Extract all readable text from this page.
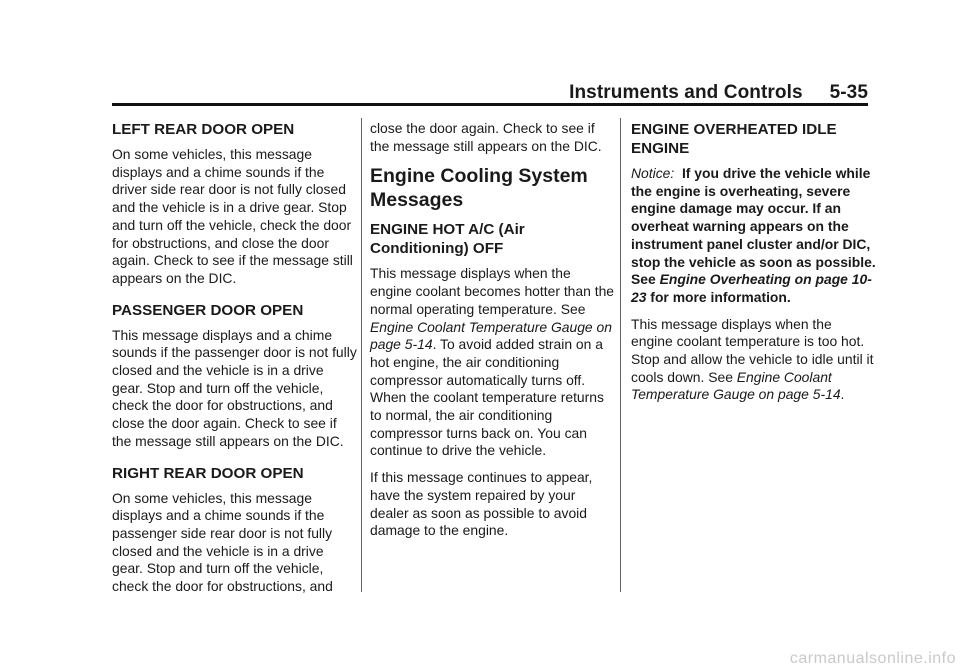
Instruments and Controls     5-35
LEFT REAR DOOR OPEN

On some vehicles, this message displays and a chime sounds if the driver side rear door is not fully closed and the vehicle is in a drive gear. Stop and turn off the vehicle, check the door for obstructions, and close the door again. Check to see if the message still appears on the DIC.

PASSENGER DOOR OPEN

This message displays and a chime sounds if the passenger door is not fully closed and the vehicle is in a drive gear. Stop and turn off the vehicle, check the door for obstructions, and close the door again. Check to see if the message still appears on the DIC.

RIGHT REAR DOOR OPEN

On some vehicles, this message displays and a chime sounds if the passenger side rear door is not fully closed and the vehicle is in a drive gear. Stop and turn off the vehicle, check the door for obstructions, and

close the door again. Check to see if the message still appears on the DIC.

Engine Cooling System Messages
ENGINE HOT A/C (Air Conditioning) OFF

This message displays when the engine coolant becomes hotter than the normal operating temperature. See Engine Coolant Temperature Gauge on page 5-14. To avoid added strain on a hot engine, the air conditioning compressor automatically turns off. When the coolant temperature returns to normal, the air conditioning compressor turns back on. You can continue to drive the vehicle.

If this message continues to appear, have the system repaired by your dealer as soon as possible to avoid damage to the engine.

ENGINE OVERHEATED IDLE ENGINE

Notice:  If you drive the vehicle while the engine is overheating, severe engine damage may occur. If an overheat warning appears on the instrument panel cluster and/or DIC, stop the vehicle as soon as possible. See Engine Overheating on page 10-23 for more information.

This message displays when the engine coolant temperature is too hot. Stop and allow the vehicle to idle until it cools down. See Engine Coolant Temperature Gauge on page 5-14.

carmanualsonline.info
